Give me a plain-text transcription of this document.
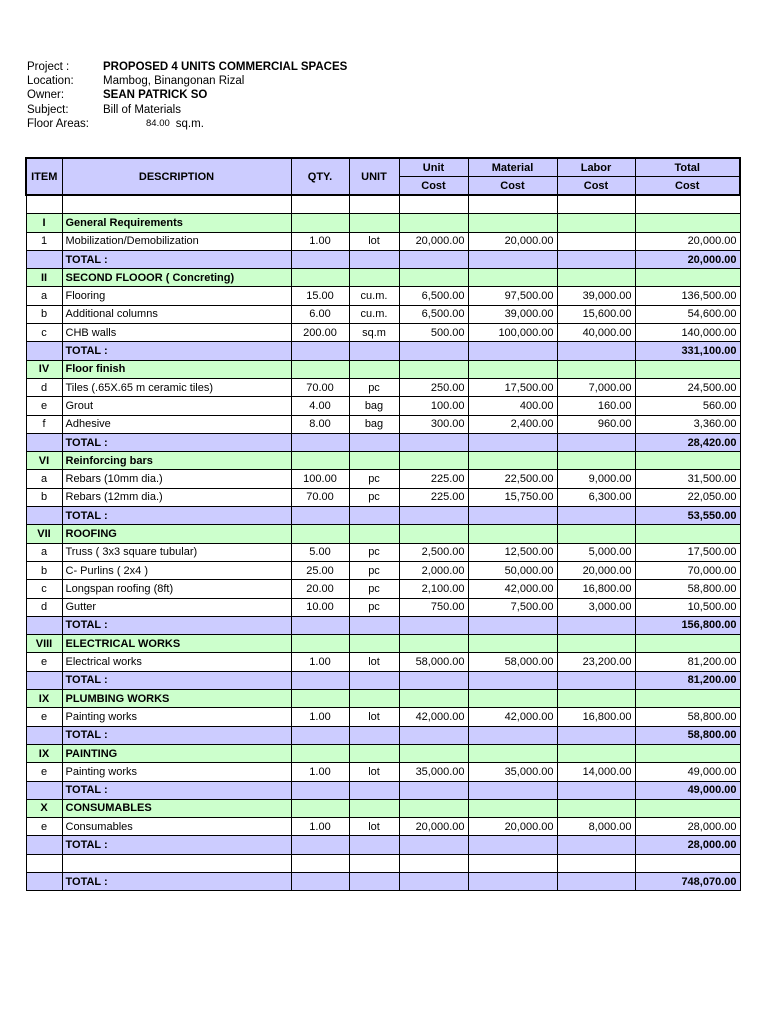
Project :	PROPOSED 4 UNITS COMMERCIAL SPACES
Location:	Mambog, Binangonan Rizal
Owner:	SEAN PATRICK SO
Subject:	Bill of Materials
Floor Areas:	84.00 sq.m.
ITEM	DESCRIPTION	QTY.	UNIT	Unit	Material	Labor	Total
				Cost	Cost	Cost	Cost

I	General Requirements						
1	Mobilization/Demobilization	1.00	lot	20,000.00	20,000.00		20,000.00
	TOTAL :						20,000.00
II	SECOND FLOOOR ( Concreting)						
a	Flooring	15.00	cu.m.	6,500.00	97,500.00	39,000.00	136,500.00
b	Additional columns	6.00	cu.m.	6,500.00	39,000.00	15,600.00	54,600.00
c	CHB walls	200.00	sq.m	500.00	100,000.00	40,000.00	140,000.00
	TOTAL :						331,100.00
IV	Floor finish						
d	Tiles (.65X.65 m ceramic tiles)	70.00	pc	250.00	17,500.00	7,000.00	24,500.00
e	Grout	4.00	bag	100.00	400.00	160.00	560.00
f	Adhesive	8.00	bag	300.00	2,400.00	960.00	3,360.00
	TOTAL :						28,420.00
VI	Reinforcing bars						
a	Rebars (10mm dia.)	100.00	pc	225.00	22,500.00	9,000.00	31,500.00
b	Rebars (12mm dia.)	70.00	pc	225.00	15,750.00	6,300.00	22,050.00
	TOTAL :						53,550.00
VII	ROOFING						
a	Truss ( 3x3 square tubular)	5.00	pc	2,500.00	12,500.00	5,000.00	17,500.00
b	C- Purlins ( 2x4 )	25.00	pc	2,000.00	50,000.00	20,000.00	70,000.00
c	Longspan roofing (8ft)	20.00	pc	2,100.00	42,000.00	16,800.00	58,800.00
d	Gutter	10.00	pc	750.00	7,500.00	3,000.00	10,500.00
	TOTAL :						156,800.00
VIII	ELECTRICAL WORKS						
e	Electrical works	1.00	lot	58,000.00	58,000.00	23,200.00	81,200.00
	TOTAL :						81,200.00
IX	PLUMBING WORKS						
e	Painting works	1.00	lot	42,000.00	42,000.00	16,800.00	58,800.00
	TOTAL :						58,800.00
IX	PAINTING						
e	Painting works	1.00	lot	35,000.00	35,000.00	14,000.00	49,000.00
	TOTAL :						49,000.00
X	CONSUMABLES						
e	Consumables	1.00	lot	20,000.00	20,000.00	8,000.00	28,000.00
	TOTAL :						28,000.00

	TOTAL :						748,070.00
